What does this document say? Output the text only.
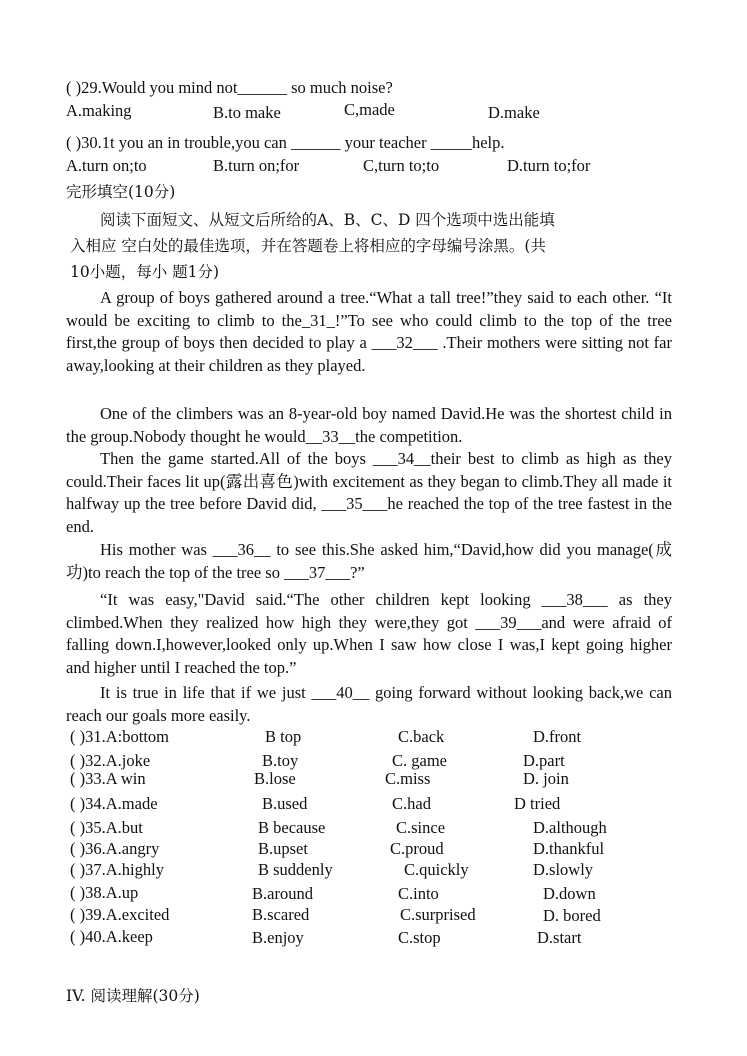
( )29.Would you mind not______ so much noise?
A.making	B.to make	C,made	D.make
( )30.1t you an in trouble,you can ______ your teacher _____help.
A.turn on;to	B.turn on;for	C,turn to;to	D.turn to;for
完形填空(10分)
阅读下面短文、从短文后所给的A、B、C、D 四个选项中选出能填
入相应 空白处的最佳选项，并在答题卷上将相应的字母编号涂黑。(共
10小题，每小 题1分)
A group of boys gathered around a tree.“What a tall tree!”they said to each other. “It would be exciting to climb to the_31_!”To see who could climb to the top of the tree first,the group of boys then decided to play a ___32___ .Their mothers were sitting not far away,looking at their children as they played.
One of the climbers was an 8-year-old boy named David.He was the shortest child in the group.Nobody thought he would__33__the competition.
Then the game started.All of the boys ___34__their best to climb as high as they could.Their faces lit up(露出喜色)with excitement as they began to climb.They all made it halfway up the tree before David did, ___35___he reached the top of the tree fastest in the end.
His mother was ___36__ to see this.She asked him,“David,how did you manage(成功)to reach the top of the tree so ___37___?”
“It was easy,"David said.“The other children kept looking ___38___ as they climbed.When they realized how high they were,they got ___39___and were afraid of falling down.I,however,looked only up.When I saw how close I was,I kept going higher and higher until I reached the top.”
It is true in life that if we just ___40__ going forward without looking back,we can reach our goals more easily.
( )31.A:bottom	B top	C.back	D.front
( )32.A.joke	B.toy	C. game	D.part
( )33.A win	B.lose	C.miss	D. join
( )34.A.made	B.used	C.had	D tried
( )35.A.but	B because	C.since	D.although
( )36.A.angry	B.upset	C.proud	D.thankful
( )37.A.highly	B suddenly	C.quickly	D.slowly
( )38.A.up	B.around	C.into	D.down
( )39.A.excited	B.scared	C.surprised	D. bored
( )40.A.keep	B.enjoy	C.stop	D.start
IV. 阅读理解(30分)
